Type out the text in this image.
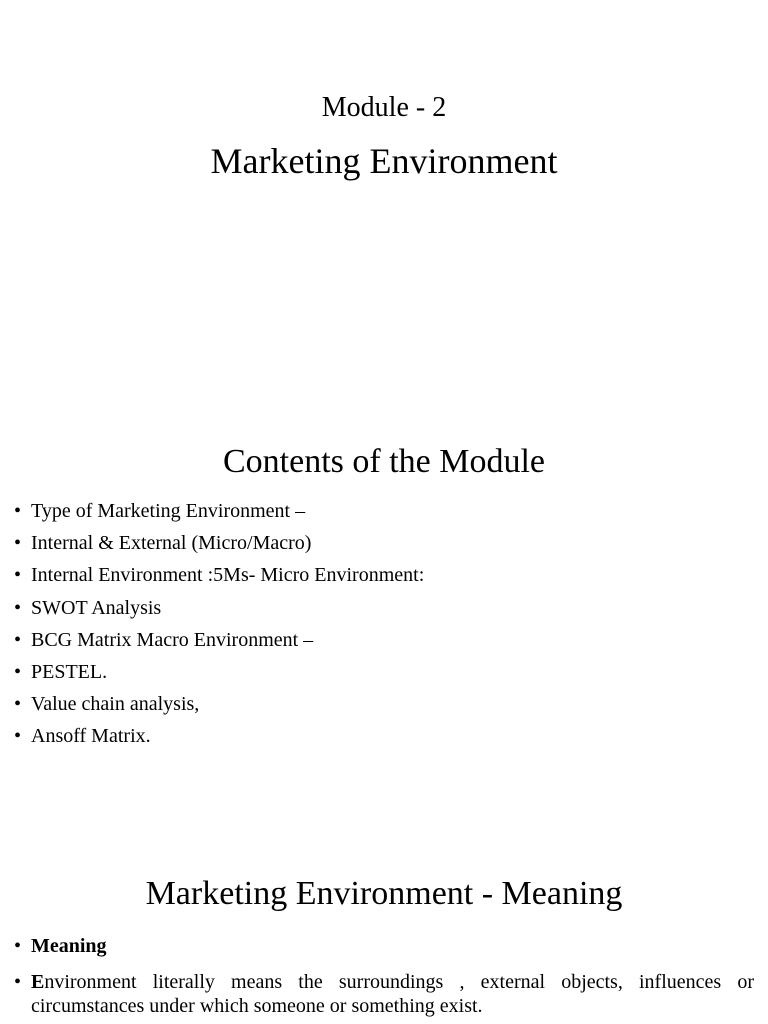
Module - 2
Marketing Environment
Contents of the Module
• Type of Marketing Environment –
• Internal & External (Micro/Macro)
• Internal Environment :5Ms- Micro Environment:
• SWOT Analysis
• BCG Matrix Macro Environment –
• PESTEL.
• Value chain analysis,
• Ansoff Matrix.
Marketing Environment - Meaning
• Meaning
• Environment literally means the surroundings , external objects, influences or circumstances under which someone or something exist.
